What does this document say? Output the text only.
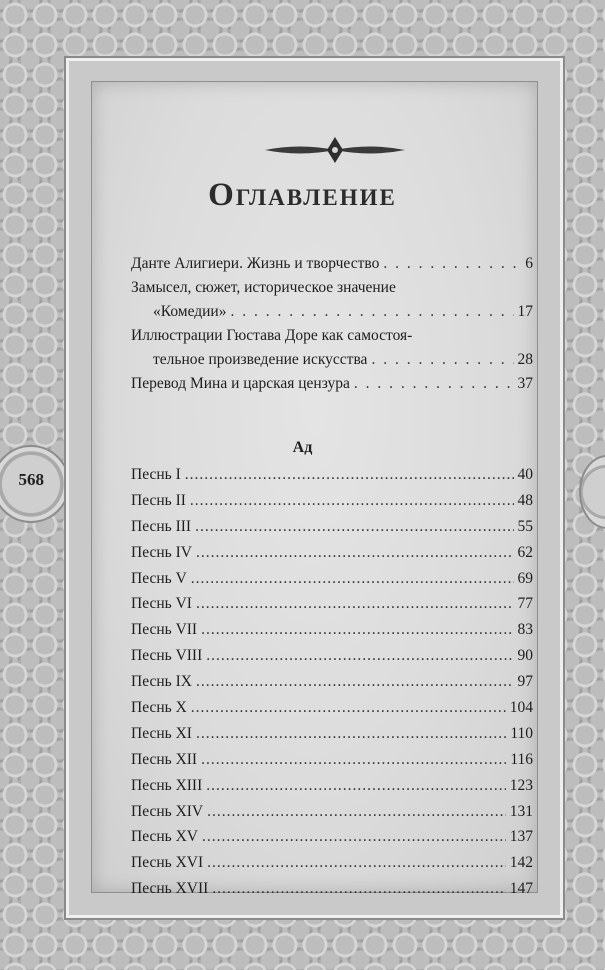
568
Оглавление
Данте Алигиери. Жизнь и творчество . . .	6
Замысел, сюжет, историческое значение
«Комедии» . . .	17
Иллюстрации Гюстава Доре как самостоя-
тельное произведение искусства . . .	28
Перевод Мина и царская цензура . . .	37
Ад
Песнь I .....	40
Песнь II .....	48
Песнь III .....	55
Песнь IV .....	62
Песнь V .....	69
Песнь VI .....	77
Песнь VII .....	83
Песнь VIII .....	90
Песнь IX .....	97
Песнь X .....	104
Песнь XI .....	110
Песнь XII .....	116
Песнь XIII .....	123
Песнь XIV .....	131
Песнь XV .....	137
Песнь XVI .....	142
Песнь XVII .....	147
